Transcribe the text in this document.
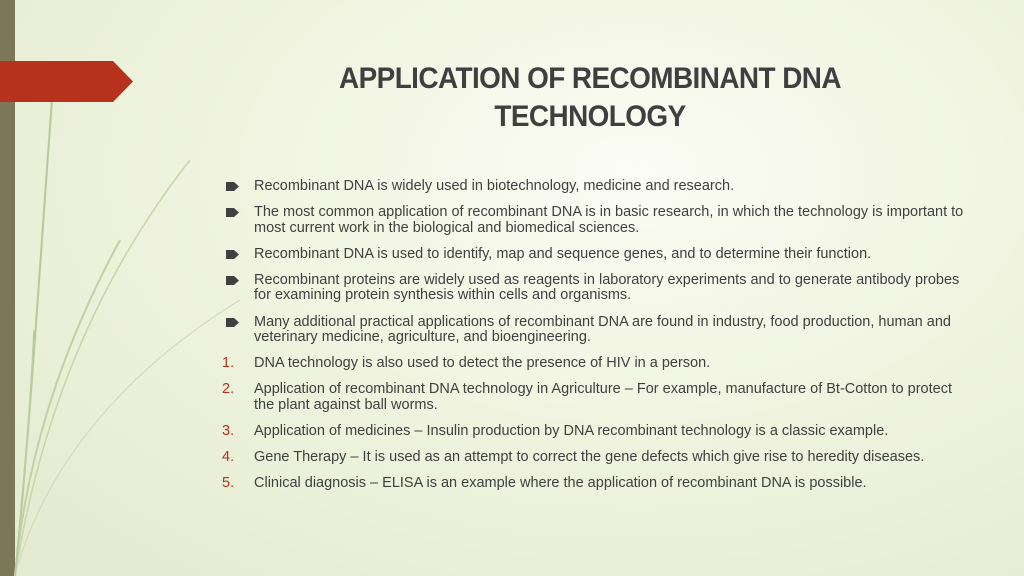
APPLICATION OF RECOMBINANT DNA
TECHNOLOGY
Recombinant DNA is widely used in biotechnology, medicine and research.
The most common application of recombinant DNA is in basic research, in which the technology is important to most current work in the biological and biomedical sciences.
Recombinant DNA is used to identify, map and sequence genes, and to determine their function.
Recombinant proteins are widely used as reagents in laboratory experiments and to generate antibody probes for examining protein synthesis within cells and organisms.
Many additional practical applications of recombinant DNA are found in industry, food production, human and veterinary medicine, agriculture, and bioengineering.
1.	DNA technology is also used to detect the presence of HIV in a person.
2.	Application of recombinant DNA technology in Agriculture – For example, manufacture of Bt-Cotton to protect the plant against ball worms.
3.	Application of medicines – Insulin production by DNA recombinant technology is a classic example.
4.	Gene Therapy – It is used as an attempt to correct the gene defects which give rise to heredity diseases.
5.	Clinical diagnosis – ELISA is an example where the application of recombinant DNA is possible.
